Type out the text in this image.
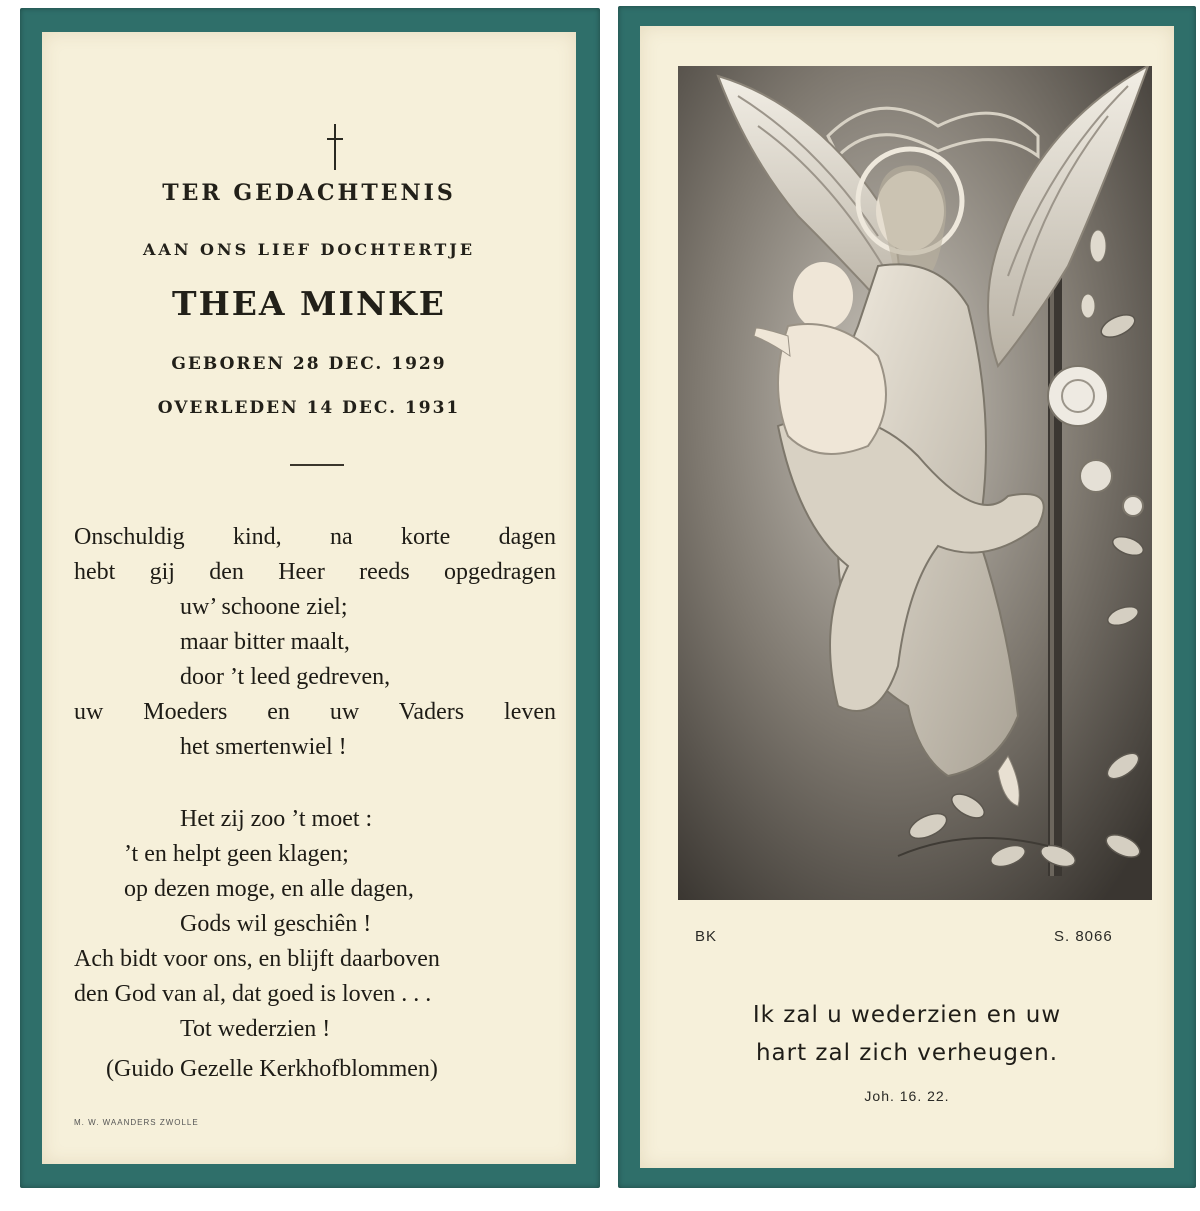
TER GEDACHTENIS
AAN ONS LIEF DOCHTERTJE
THEA MINKE
GEBOREN 28 DEC. 1929
OVERLEDEN 14 DEC. 1931
Onschuldig kind, na korte dagen
hebt gij den Heer reeds opgedragen
uw’ schoone ziel;
maar bitter maalt,
door ’t leed gedreven,
uw Moeders en uw Vaders leven
het smertenwiel !
Het zij zoo ’t moet :
’t en helpt geen klagen;
op dezen moge, en alle dagen,
Gods wil geschiên !
Ach bidt voor ons, en blijft daarboven
den God van al, dat goed is loven . . .
Tot wederzien !
(Guido Gezelle Kerkhofblommen)
M. W. WAANDERS ZWOLLE
BK	S. 8066
Ik zal u wederzien en uw
hart zal zich verheugen.
Joh. 16. 22.
